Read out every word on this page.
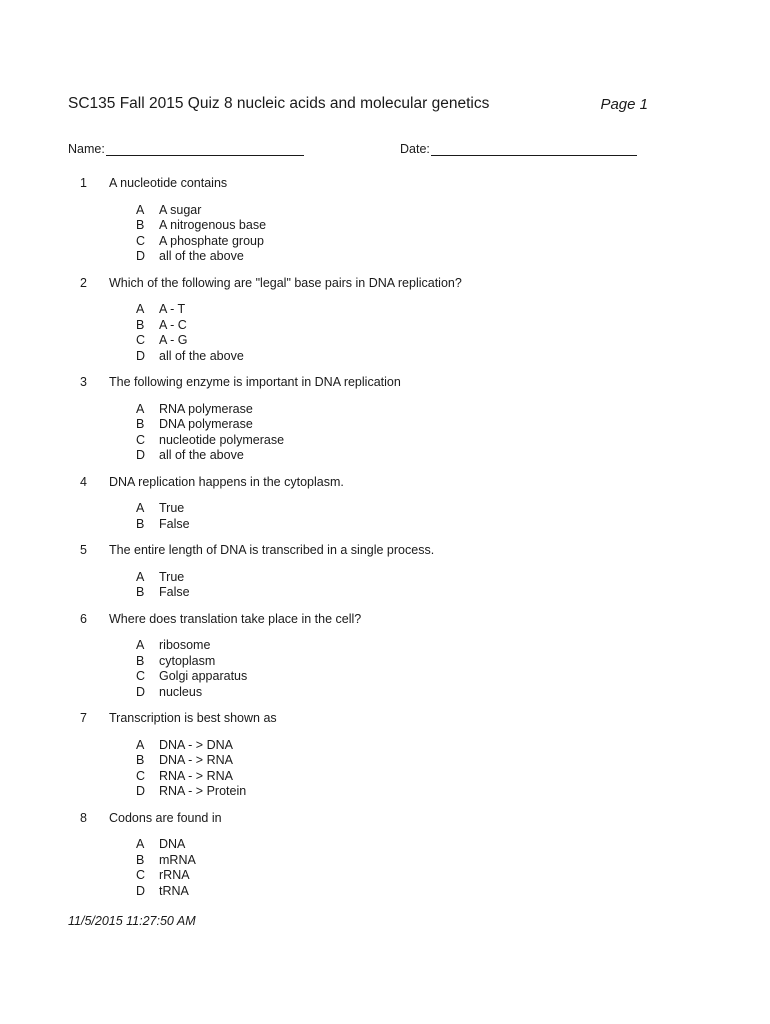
SC135 Fall 2015 Quiz 8 nucleic acids and molecular genetics	Page 1
Name:	Date:
1 A nucleotide contains
A A sugar
B A nitrogenous base
C A phosphate group
D all of the above
2 Which of the following are "legal" base pairs in DNA replication?
A A - T
B A - C
C A - G
D all of the above
3 The following enzyme is important in DNA replication
A RNA polymerase
B DNA polymerase
C nucleotide polymerase
D all of the above
4 DNA replication happens in the cytoplasm.
A True
B False
5 The entire length of DNA is transcribed in a single process.
A True
B False
6 Where does translation take place in the cell?
A ribosome
B cytoplasm
C Golgi apparatus
D nucleus
7 Transcription is best shown as
A DNA - > DNA
B DNA - > RNA
C RNA - > RNA
D RNA - > Protein
8 Codons are found in
A DNA
B mRNA
C rRNA
D tRNA
11/5/2015 11:27:50 AM
